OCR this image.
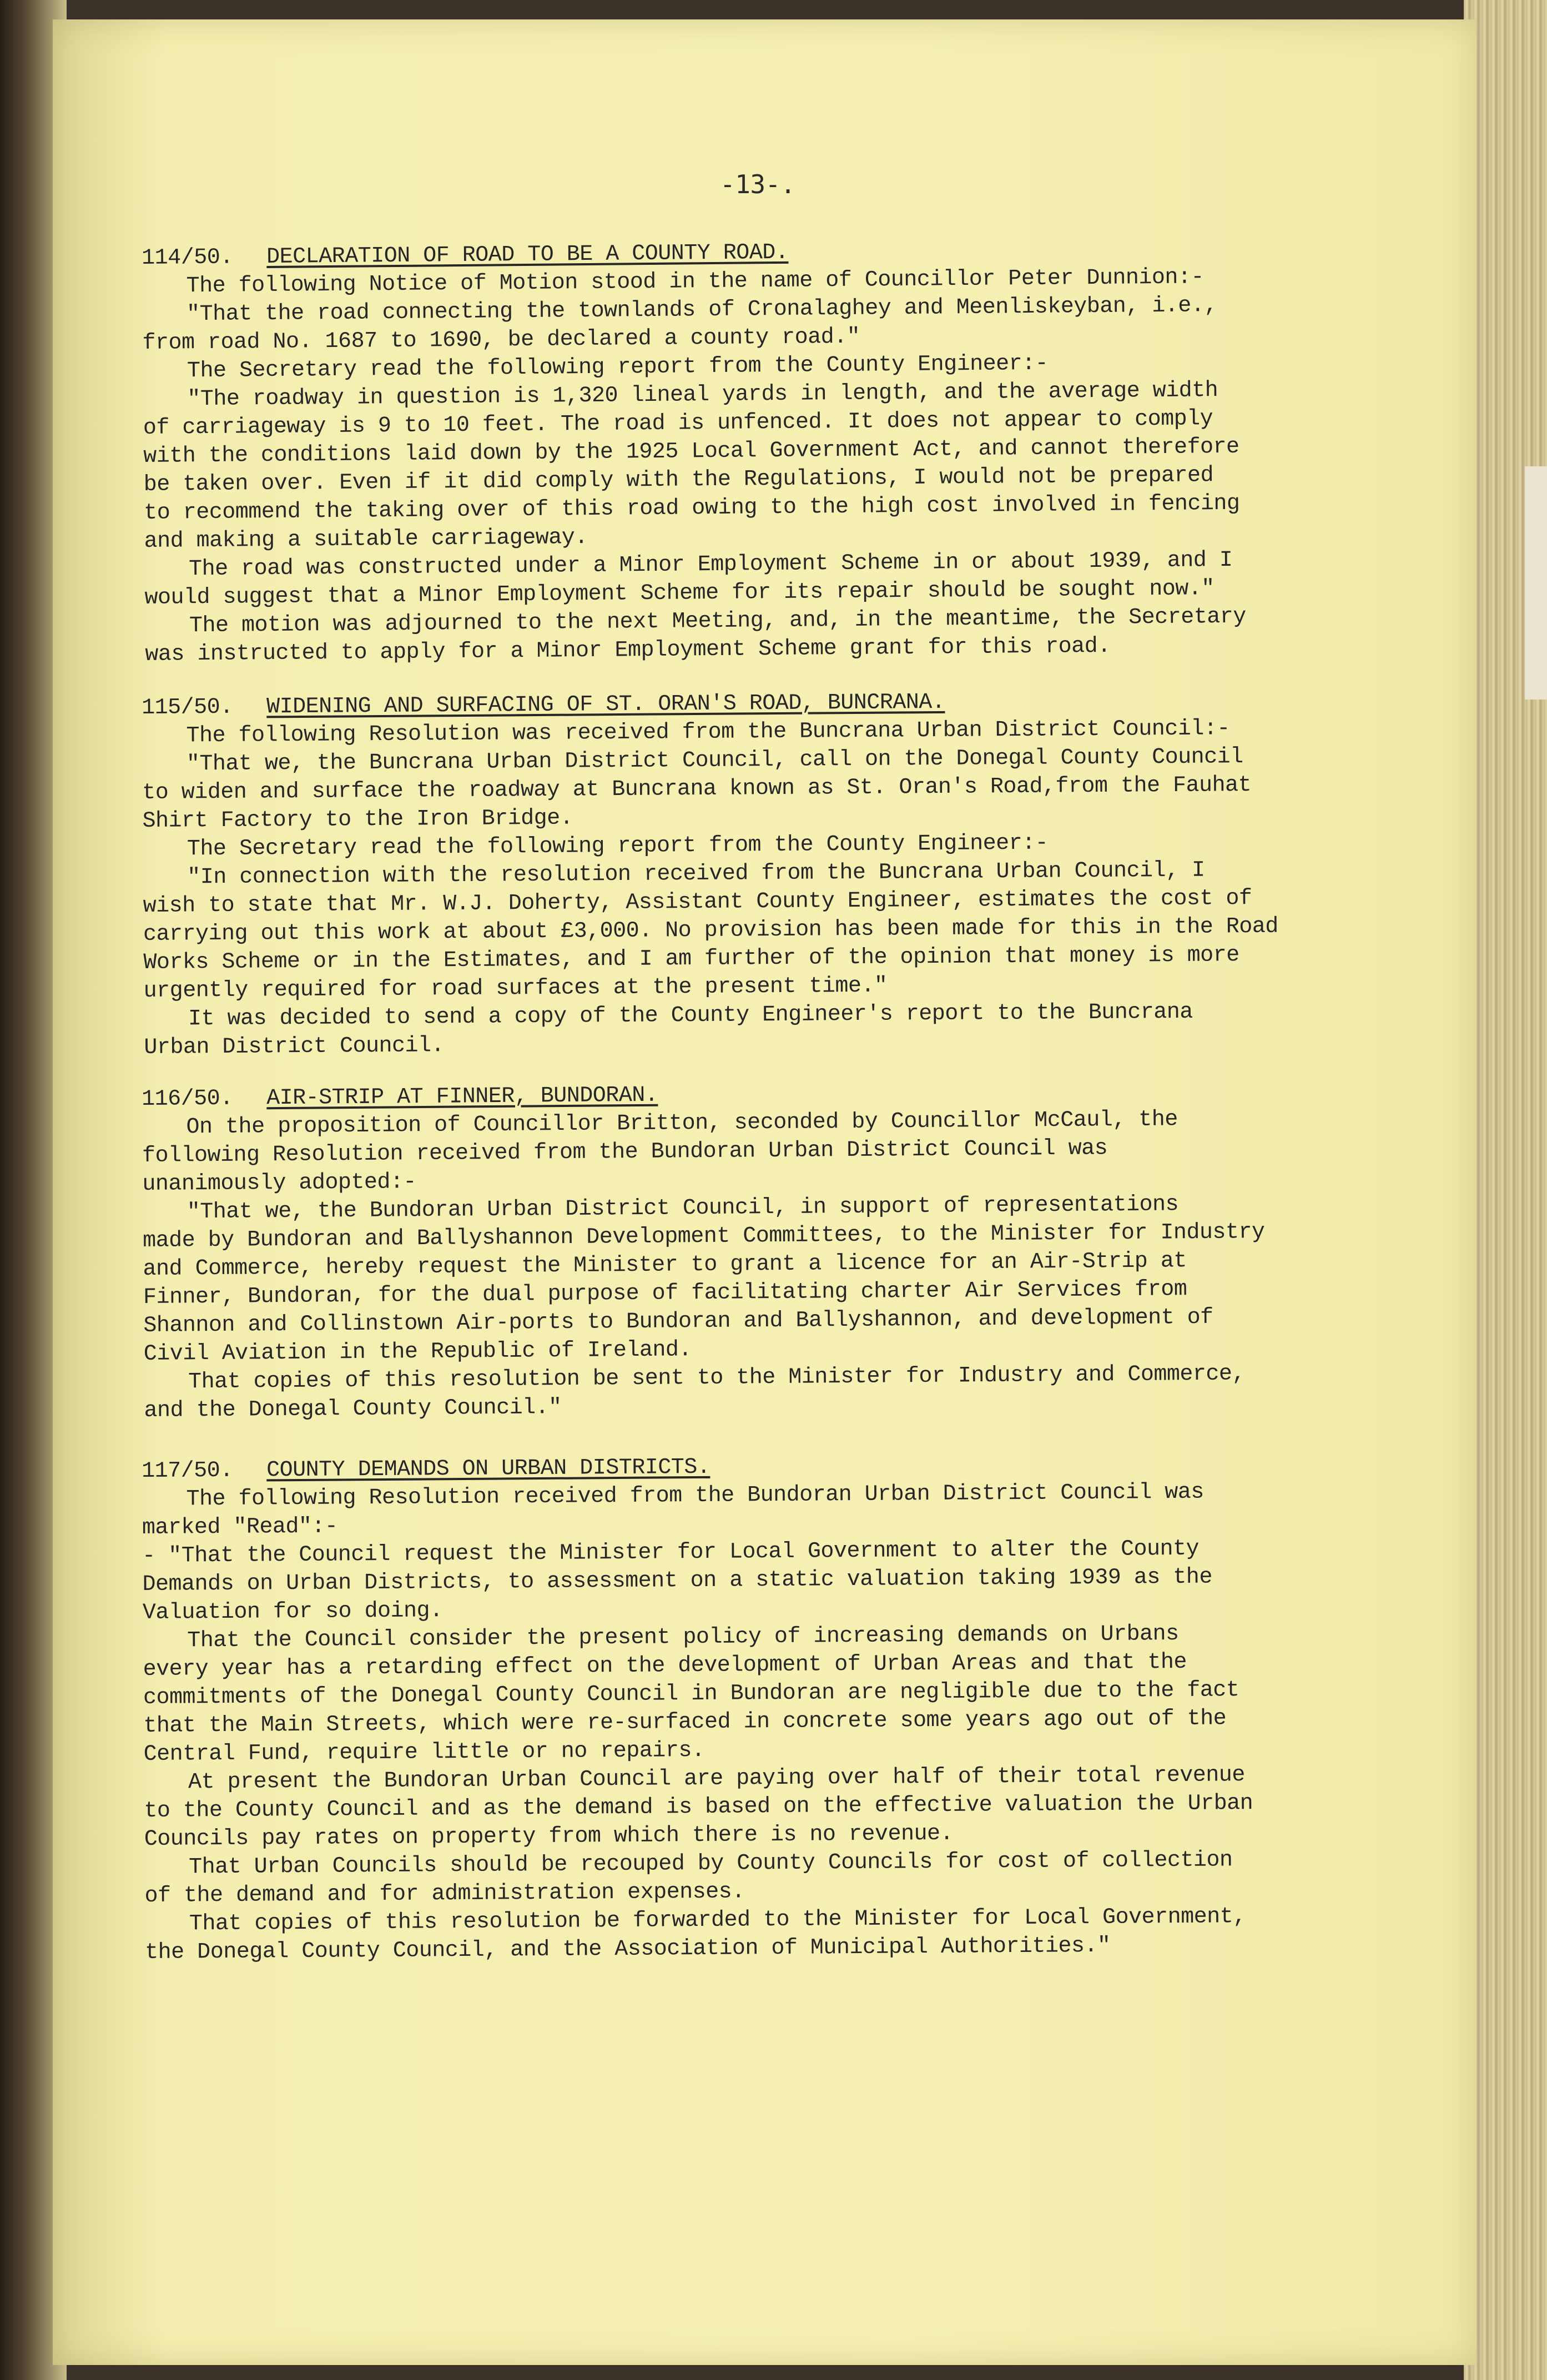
-13-.
114/50.	DECLARATION OF ROAD TO BE A COUNTY ROAD.
The following Notice of Motion stood in the name of Councillor Peter Dunnion:-
"That the road connecting the townlands of Cronalaghey and Meenliskeyban, i.e.,
from road No. 1687 to 1690, be declared a county road."
The Secretary read the following report from the County Engineer:-
"The roadway in question is 1,320 lineal yards in length, and the average width
of carriageway is 9 to 10 feet. The road is unfenced. It does not appear to comply
with the conditions laid down by the 1925 Local Government Act, and cannot therefore
be taken over. Even if it did comply with the Regulations, I would not be prepared
to recommend the taking over of this road owing to the high cost involved in fencing
and making a suitable carriageway.
The road was constructed under a Minor Employment Scheme in or about 1939, and I
would suggest that a Minor Employment Scheme for its repair should be sought now."
The motion was adjourned to the next Meeting, and, in the meantime, the Secretary
was instructed to apply for a Minor Employment Scheme grant for this road.
115/50.	WIDENING AND SURFACING OF ST. ORAN'S ROAD, BUNCRANA.
The following Resolution was received from the Buncrana Urban District Council:-
"That we, the Buncrana Urban District Council, call on the Donegal County Council
to widen and surface the roadway at Buncrana known as St. Oran's Road,from the Fauhat
Shirt Factory to the Iron Bridge.
The Secretary read the following report from the County Engineer:-
"In connection with the resolution received from the Buncrana Urban Council, I
wish to state that Mr. W.J. Doherty, Assistant County Engineer, estimates the cost of
carrying out this work at about £3,000. No provision has been made for this in the Road
Works Scheme or in the Estimates, and I am further of the opinion that money is more
urgently required for road surfaces at the present time."
It was decided to send a copy of the County Engineer's report to the Buncrana
Urban District Council.
116/50.	AIR-STRIP AT FINNER, BUNDORAN.
On the proposition of Councillor Britton, seconded by Councillor McCaul, the
following Resolution received from the Bundoran Urban District Council was
unanimously adopted:-
"That we, the Bundoran Urban District Council, in support of representations
made by Bundoran and Ballyshannon Development Committees, to the Minister for Industry
and Commerce, hereby request the Minister to grant a licence for an Air-Strip at
Finner, Bundoran, for the dual purpose of facilitating charter Air Services from
Shannon and Collinstown Air-ports to Bundoran and Ballyshannon, and development of
Civil Aviation in the Republic of Ireland.
That copies of this resolution be sent to the Minister for Industry and Commerce,
and the Donegal County Council."
117/50.	COUNTY DEMANDS ON URBAN DISTRICTS.
The following Resolution received from the Bundoran Urban District Council was
marked "Read":-
- "That the Council request the Minister for Local Government to alter the County
Demands on Urban Districts, to assessment on a static valuation taking 1939 as the
Valuation for so doing.
That the Council consider the present policy of increasing demands on Urbans
every year has a retarding effect on the development of Urban Areas and that the
commitments of the Donegal County Council in Bundoran are negligible due to the fact
that the Main Streets, which were re-surfaced in concrete some years ago out of the
Central Fund, require little or no repairs.
At present the Bundoran Urban Council are paying over half of their total revenue
to the County Council and as the demand is based on the effective valuation the Urban
Councils pay rates on property from which there is no revenue.
That Urban Councils should be recouped by County Councils for cost of collection
of the demand and for administration expenses.
That copies of this resolution be forwarded to the Minister for Local Government,
the Donegal County Council, and the Association of Municipal Authorities."
